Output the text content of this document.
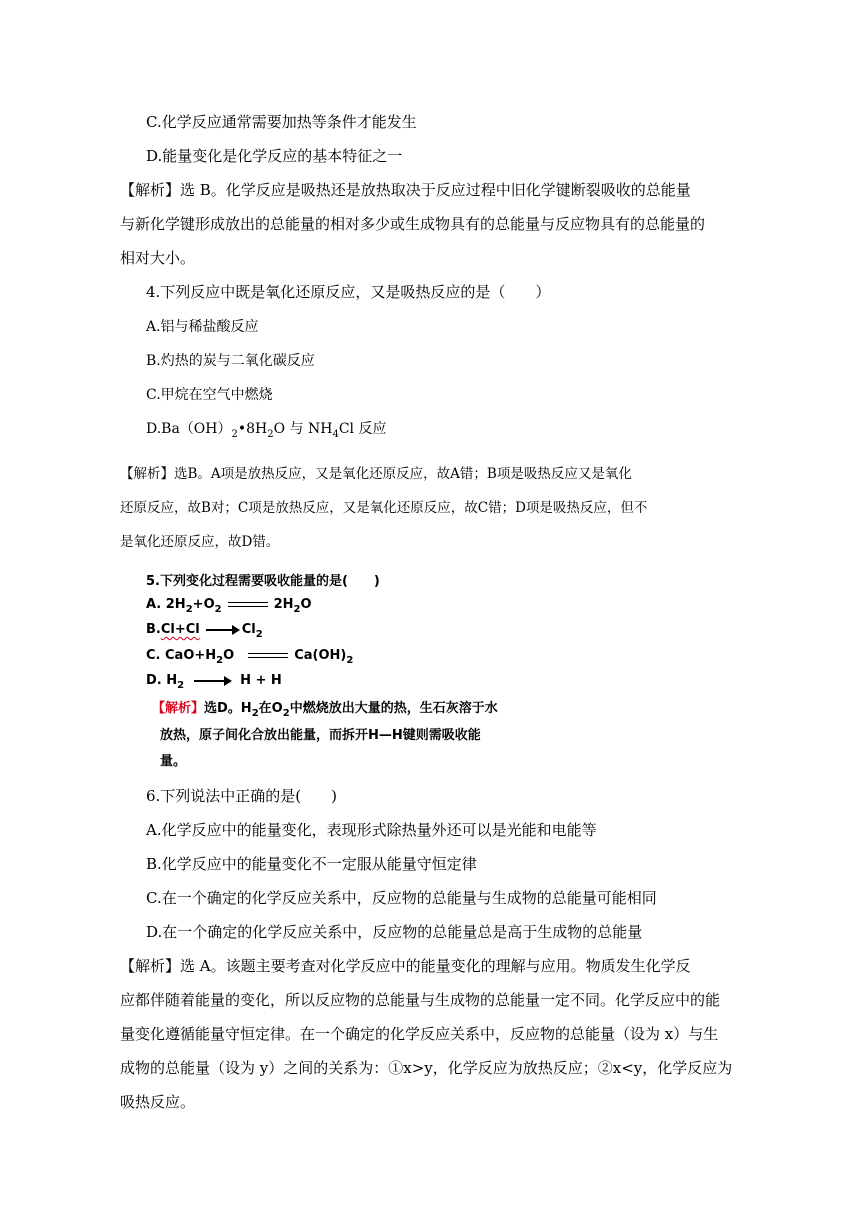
C.化学反应通常需要加热等条件才能发生
D.能量变化是化学反应的基本特征之一
【解析】选 B。化学反应是吸热还是放热取决于反应过程中旧化学键断裂吸收的总能量
与新化学键形成放出的总能量的相对多少或生成物具有的总能量与反应物具有的总能量的
相对大小。
4.下列反应中既是氧化还原反应，又是吸热反应的是（　　）
A.铝与稀盐酸反应
B.灼热的炭与二氧化碳反应
C.甲烷在空气中燃烧
$D.Ba(OH)_2•8H_2O$ 与 $NH_4Cl$ 反应
【解析】选B。A项是放热反应，又是氧化还原反应，故A错；B项是吸热反应又是氧化
还原反应，故B对；C项是放热反应，又是氧化还原反应，故C错；D项是吸热反应，但不
是氧化还原反应，故D错。
5.下列变化过程需要吸收能量的是(　　)
A. $2H_2+O_2$	$2H_2O$
B.Cl+Cl	$Cl_2$
C. $CaO+H_2O$	$Ca(OH)_2$
D. $H_2$	H + H
【解析】选D。$H_2$在$O_2$中燃烧放出大量的热，生石灰溶于水
放热，原子间化合放出能量，而拆开H—H键则需吸收能
量。
6.下列说法中正确的是(　　)
A.化学反应中的能量变化，表现形式除热量外还可以是光能和电能等
B.化学反应中的能量变化不一定服从能量守恒定律
C.在一个确定的化学反应关系中，反应物的总能量与生成物的总能量可能相同
D.在一个确定的化学反应关系中，反应物的总能量总是高于生成物的总能量
【解析】选 A。该题主要考查对化学反应中的能量变化的理解与应用。物质发生化学反
应都伴随着能量的变化，所以反应物的总能量与生成物的总能量一定不同。化学反应中的能
量变化遵循能量守恒定律。在一个确定的化学反应关系中，反应物的总能量（设为 x）与生
成物的总能量（设为 y）之间的关系为：①x>y，化学反应为放热反应；②x<y，化学反应为
吸热反应。
